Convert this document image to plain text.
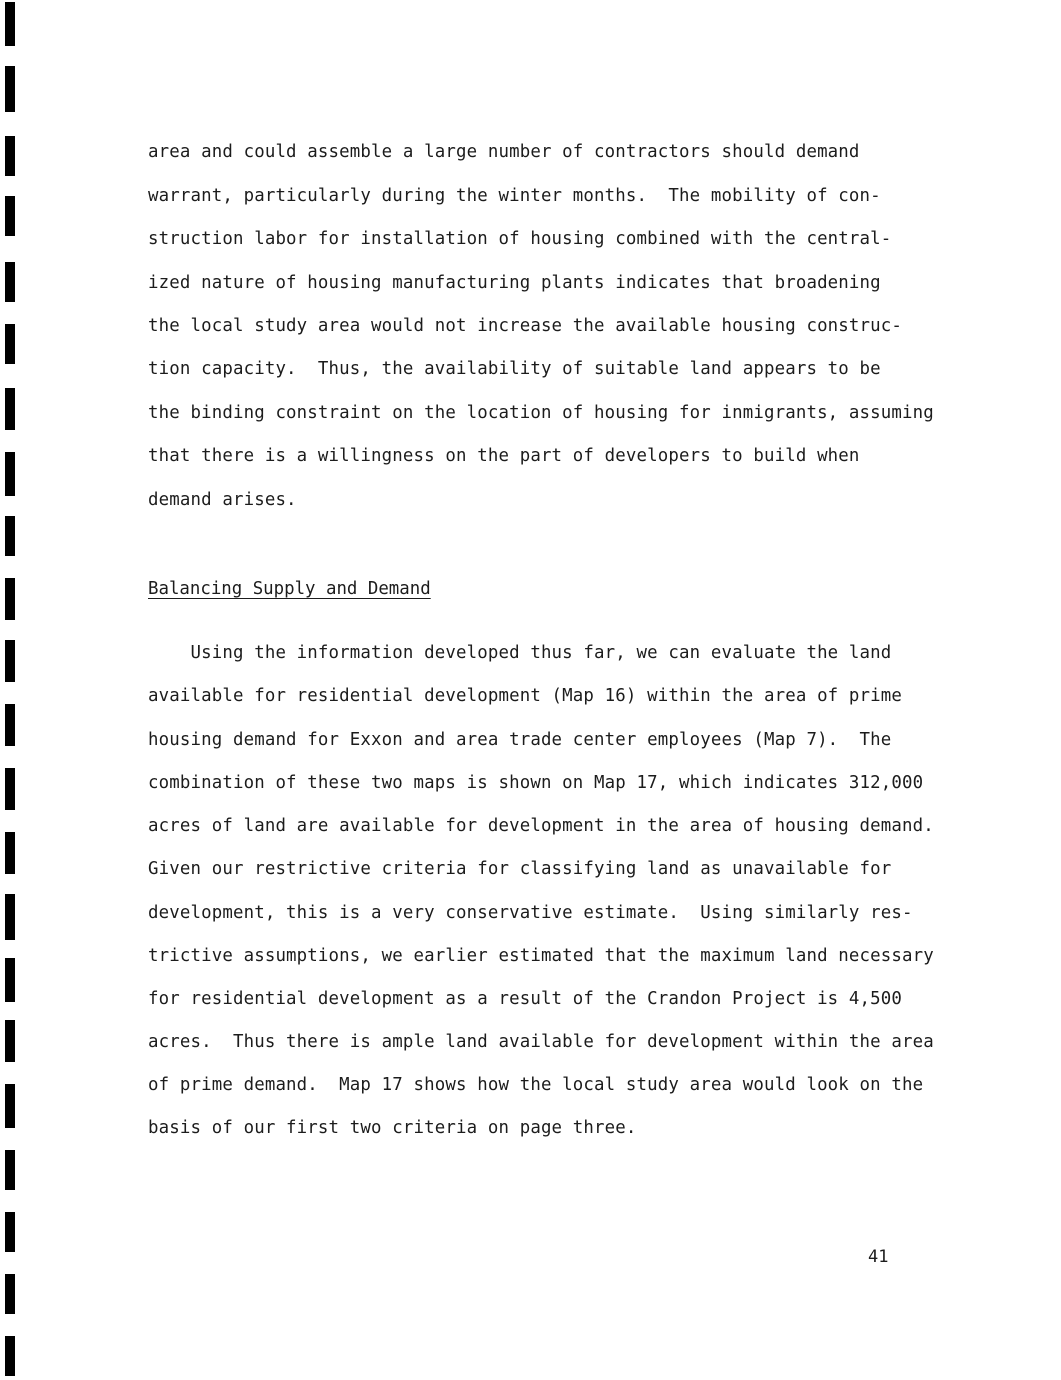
area and could assemble a large number of contractors should demand
warrant, particularly during the winter months.  The mobility of con-
struction labor for installation of housing combined with the central-
ized nature of housing manufacturing plants indicates that broadening
the local study area would not increase the available housing construc-
tion capacity.  Thus, the availability of suitable land appears to be
the binding constraint on the location of housing for inmigrants, assuming
that there is a willingness on the part of developers to build when
demand arises.
Balancing Supply and Demand
Using the information developed thus far, we can evaluate the land
available for residential development (Map 16) within the area of prime
housing demand for Exxon and area trade center employees (Map 7).  The
combination of these two maps is shown on Map 17, which indicates 312,000
acres of land are available for development in the area of housing demand.
Given our restrictive criteria for classifying land as unavailable for
development, this is a very conservative estimate.  Using similarly res-
trictive assumptions, we earlier estimated that the maximum land necessary
for residential development as a result of the Crandon Project is 4,500
acres.  Thus there is ample land available for development within the area
of prime demand.  Map 17 shows how the local study area would look on the
basis of our first two criteria on page three.
41
